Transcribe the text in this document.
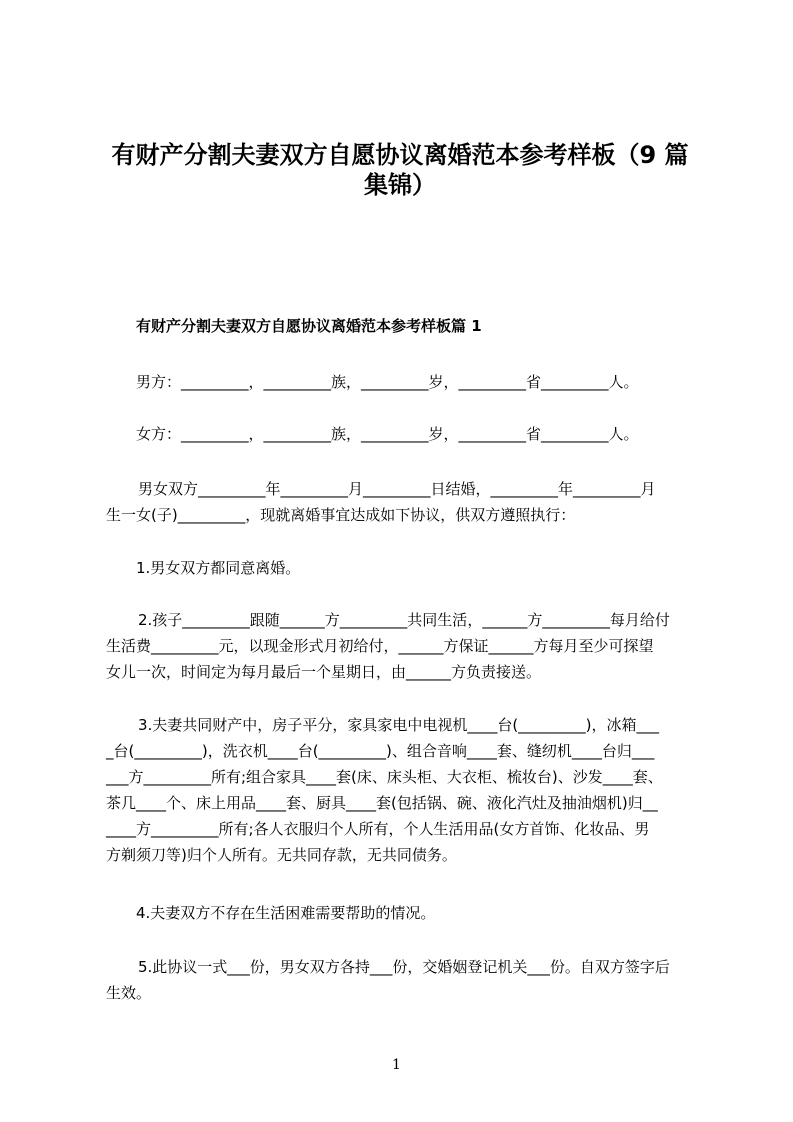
有财产分割夫妻双方自愿协议离婚范本参考样板（9 篇
集锦）
有财产分割夫妻双方自愿协议离婚范本参考样板篇 1

男方：_________，_________族，_________岁，_________省_________人。

女方：_________，_________族，_________岁，_________省_________人。

男女双方_________年_________月_________日结婚，_________年_________月
生一女(子)_________，现就离婚事宜达成如下协议，供双方遵照执行：

1.男女双方都同意离婚。

2.孩子_________跟随______方_________共同生活，______方_________每月给付
生活费_________元，以现金形式月初给付，______方保证______方每月至少可探望
女儿一次，时间定为每月最后一个星期日，由______方负责接送。

3.夫妻共同财产中，房子平分，家具家电中电视机____台(_________)，冰箱___
_台(_________)，洗衣机____台(_________)、组合音响____套、缝纫机____台归___
___方_________所有;组合家具____套(床、床头柜、大衣柜、梳妆台)、沙发____套、
茶几____个、床上用品____套、厨具____套(包括锅、碗、液化汽灶及抽油烟机)归__
____方_________所有;各人衣服归个人所有，个人生活用品(女方首饰、化妆品、男
方剃须刀等)归个人所有。无共同存款，无共同债务。

4.夫妻双方不存在生活困难需要帮助的情况。

5.此协议一式___份，男女双方各持___份，交婚姻登记机关___份。自双方签字后
生效。

1
